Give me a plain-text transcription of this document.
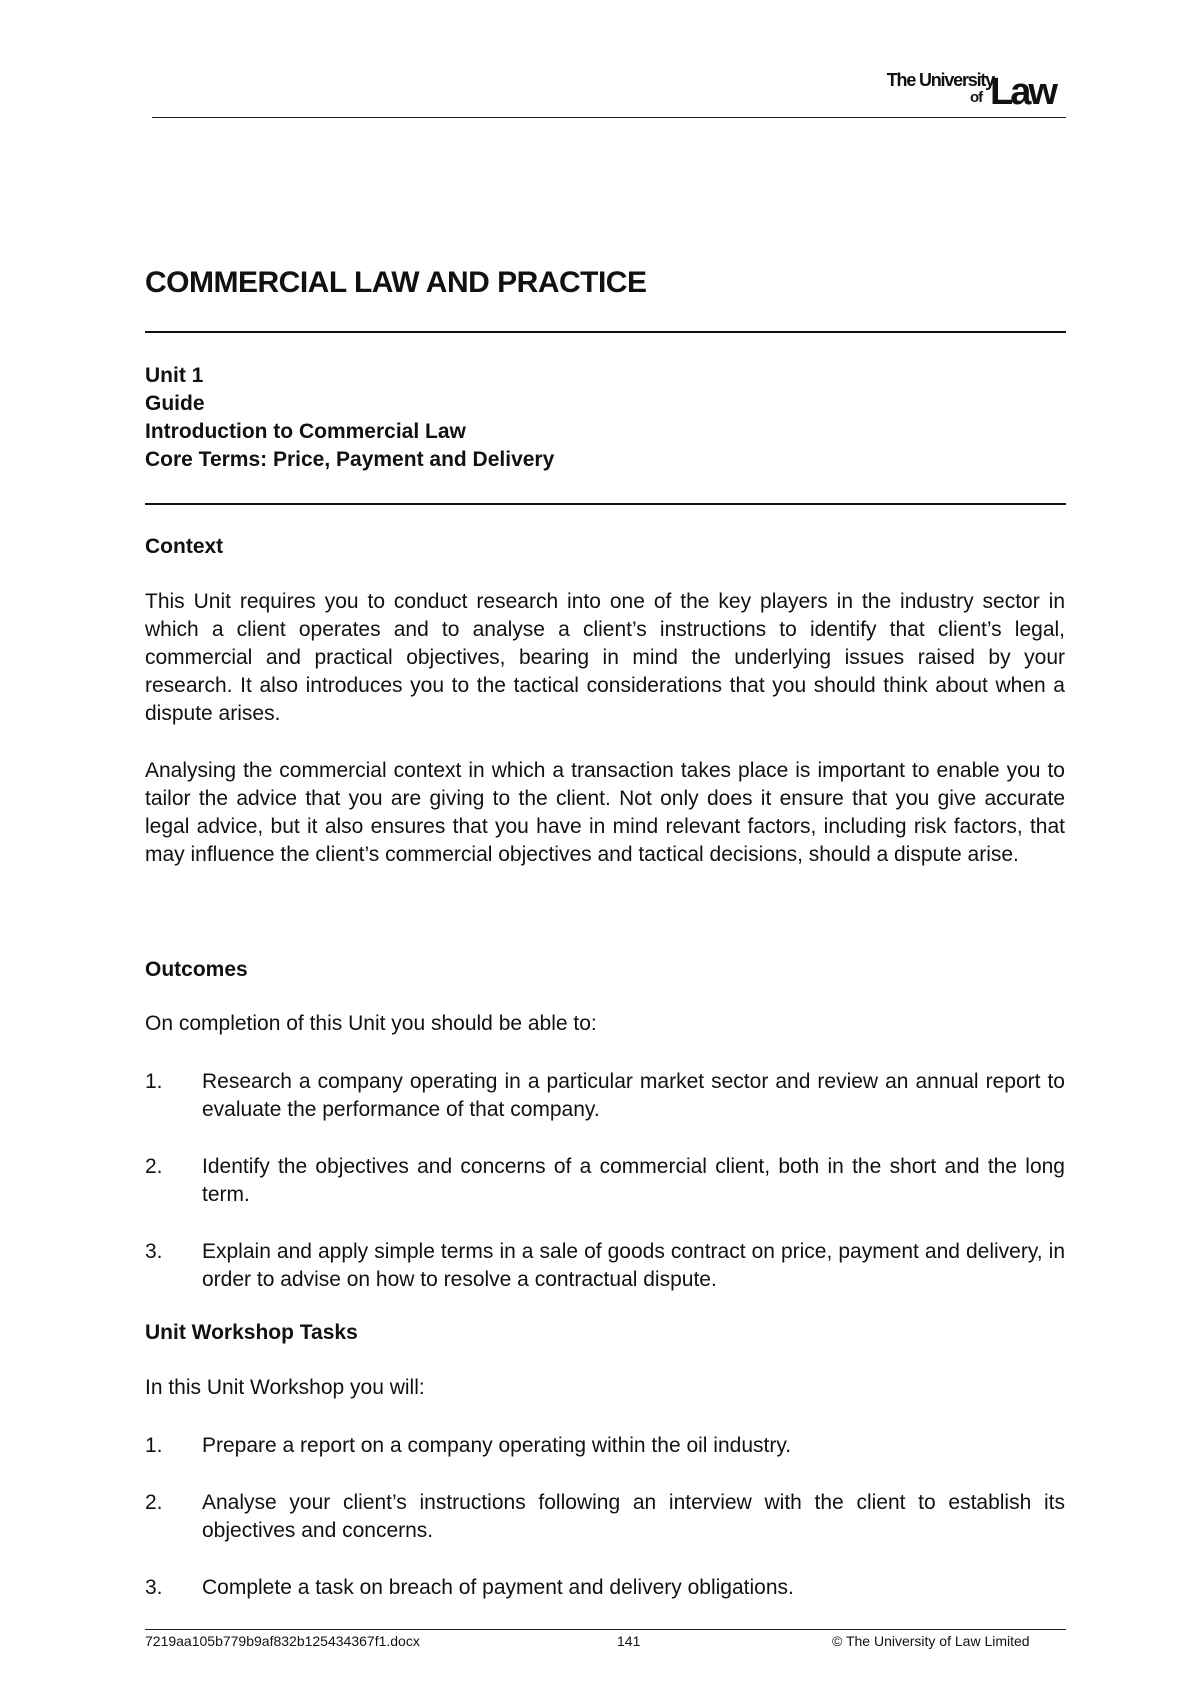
The University
of Law
COMMERCIAL LAW AND PRACTICE
Unit 1
Guide
Introduction to Commercial Law
Core Terms: Price, Payment and Delivery
Context
This Unit requires you to conduct research into one of the key players in the industry sector in which a client operates and to analyse a client’s instructions to identify that client’s legal, commercial and practical objectives, bearing in mind the underlying issues raised by your research. It also introduces you to the tactical considerations that you should think about when a dispute arises.
Analysing the commercial context in which a transaction takes place is important to enable you to tailor the advice that you are giving to the client. Not only does it ensure that you give accurate legal advice, but it also ensures that you have in mind relevant factors, including risk factors, that may influence the client’s commercial objectives and tactical decisions, should a dispute arise.
Outcomes
On completion of this Unit you should be able to:
1. Research a company operating in a particular market sector and review an annual report to evaluate the performance of that company.
2. Identify the objectives and concerns of a commercial client, both in the short and the long term.
3. Explain and apply simple terms in a sale of goods contract on price, payment and delivery, in order to advise on how to resolve a contractual dispute.
Unit Workshop Tasks
In this Unit Workshop you will:
1. Prepare a report on a company operating within the oil industry.
2. Analyse your client’s instructions following an interview with the client to establish its objectives and concerns.
3. Complete a task on breach of payment and delivery obligations.
7219aa105b779b9af832b125434367f1.docx	141	© The University of Law Limited
